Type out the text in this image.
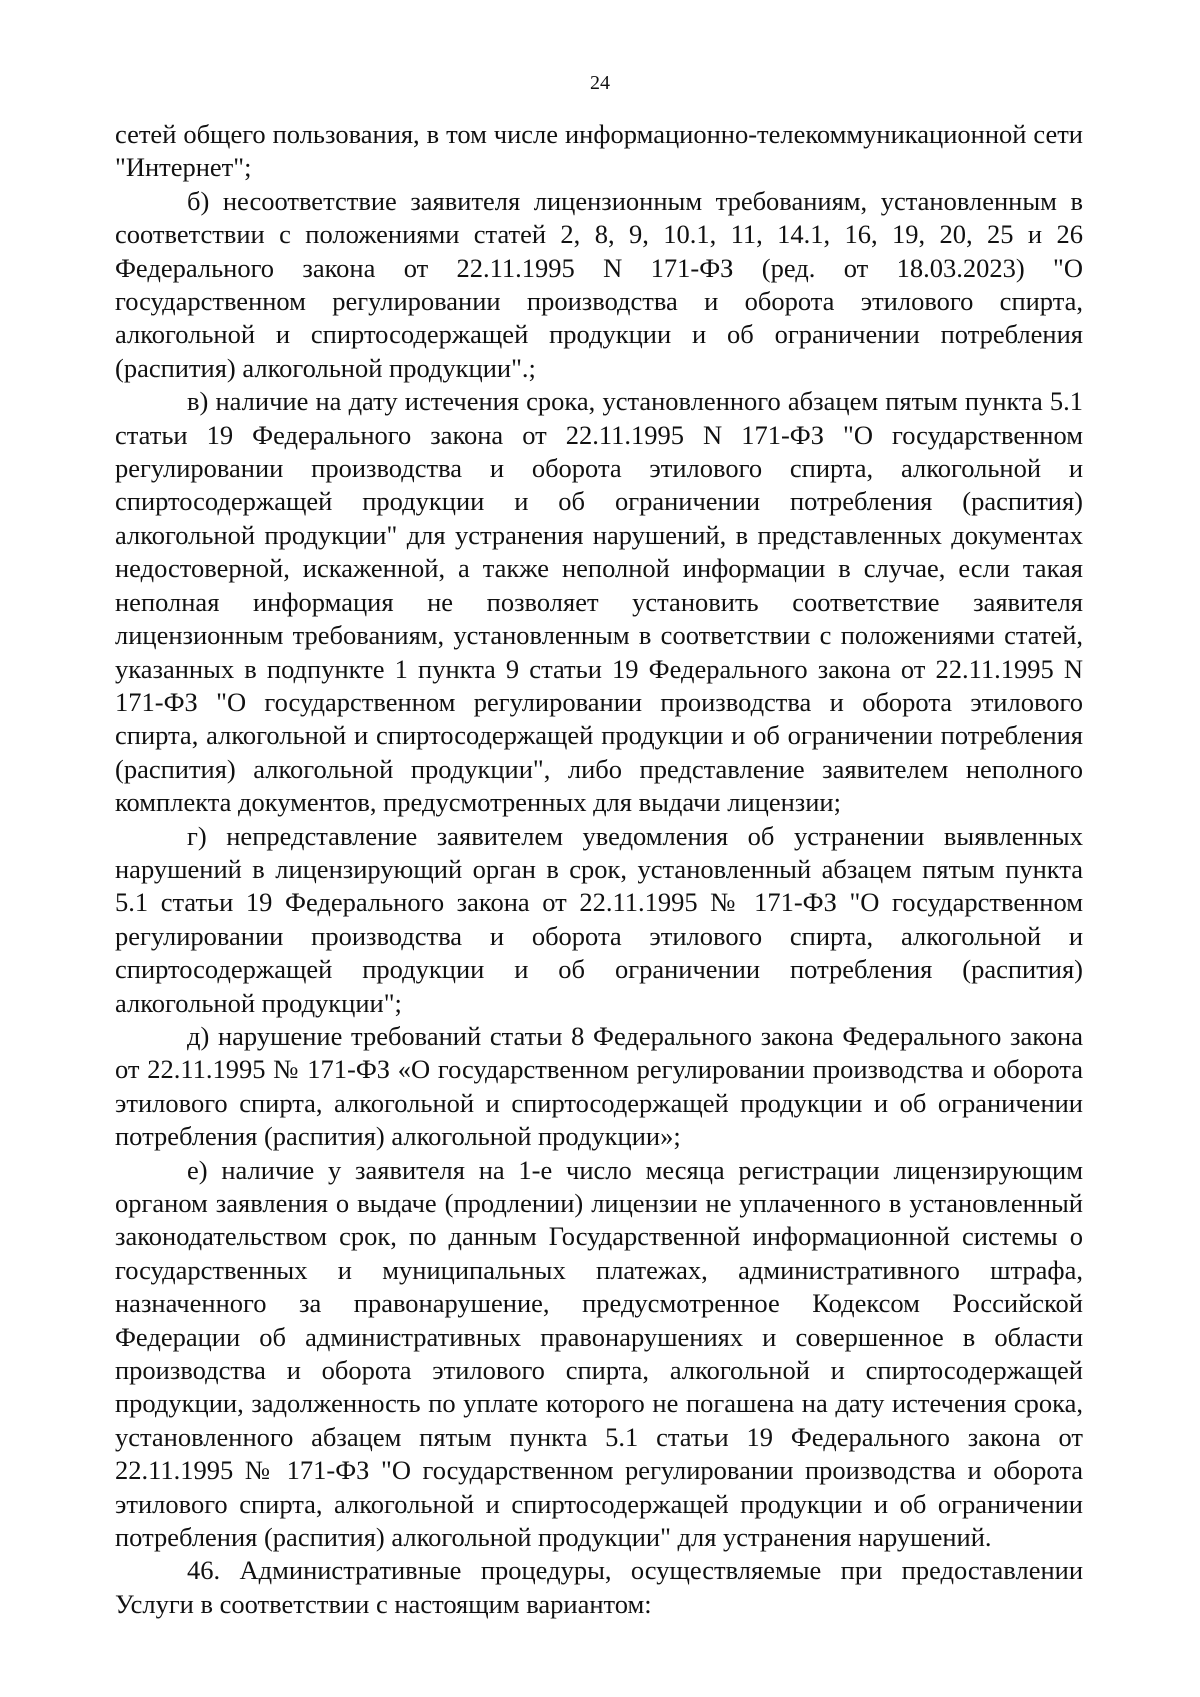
24

сетей общего пользования, в том числе информационно-телекоммуникационной сети "Интернет";

б) несоответствие заявителя лицензионным требованиям, установленным в соответствии с положениями статей 2, 8, 9, 10.1, 11, 14.1, 16, 19, 20, 25 и 26 Федерального закона от 22.11.1995 N 171-ФЗ (ред. от 18.03.2023) "О государственном регулировании производства и оборота этилового спирта, алкогольной и спиртосодержащей продукции и об ограничении потребления (распития) алкогольной продукции".;

в) наличие на дату истечения срока, установленного абзацем пятым пункта 5.1 статьи 19 Федерального закона от 22.11.1995 N 171-ФЗ "О государственном регулировании производства и оборота этилового спирта, алкогольной и спиртосодержащей продукции и об ограничении потребления (распития) алкогольной продукции" для устранения нарушений, в представленных документах недостоверной, искаженной, а также неполной информации в случае, если такая неполная информация не позволяет установить соответствие заявителя лицензионным требованиям, установленным в соответствии с положениями статей, указанных в подпункте 1 пункта 9 статьи 19 Федерального закона от 22.11.1995 N 171-ФЗ "О государственном регулировании производства и оборота этилового спирта, алкогольной и спиртосодержащей продукции и об ограничении потребления (распития) алкогольной продукции", либо представление заявителем неполного комплекта документов, предусмотренных для выдачи лицензии;

г) непредставление заявителем уведомления об устранении выявленных нарушений в лицензирующий орган в срок, установленный абзацем пятым пункта 5.1 статьи 19 Федерального закона от 22.11.1995 № 171-ФЗ "О государственном регулировании производства и оборота этилового спирта, алкогольной и спиртосодержащей продукции и об ограничении потребления (распития) алкогольной продукции";

д) нарушение требований статьи 8 Федерального закона Федерального закона от 22.11.1995 № 171-ФЗ «О государственном регулировании производства и оборота этилового спирта, алкогольной и спиртосодержащей продукции и об ограничении потребления (распития) алкогольной продукции»;

е) наличие у заявителя на 1-е число месяца регистрации лицензирующим органом заявления о выдаче (продлении) лицензии не уплаченного в установленный законодательством срок, по данным Государственной информационной системы о государственных и муниципальных платежах, административного штрафа, назначенного за правонарушение, предусмотренное Кодексом Российской Федерации об административных правонарушениях и совершенное в области производства и оборота этилового спирта, алкогольной и спиртосодержащей продукции, задолженность по уплате которого не погашена на дату истечения срока, установленного абзацем пятым пункта 5.1 статьи 19 Федерального закона от 22.11.1995 № 171-ФЗ "О государственном регулировании производства и оборота этилового спирта, алкогольной и спиртосодержащей продукции и об ограничении потребления (распития) алкогольной продукции" для устранения нарушений.

46. Административные процедуры, осуществляемые при предоставлении Услуги в соответствии с настоящим вариантом:
